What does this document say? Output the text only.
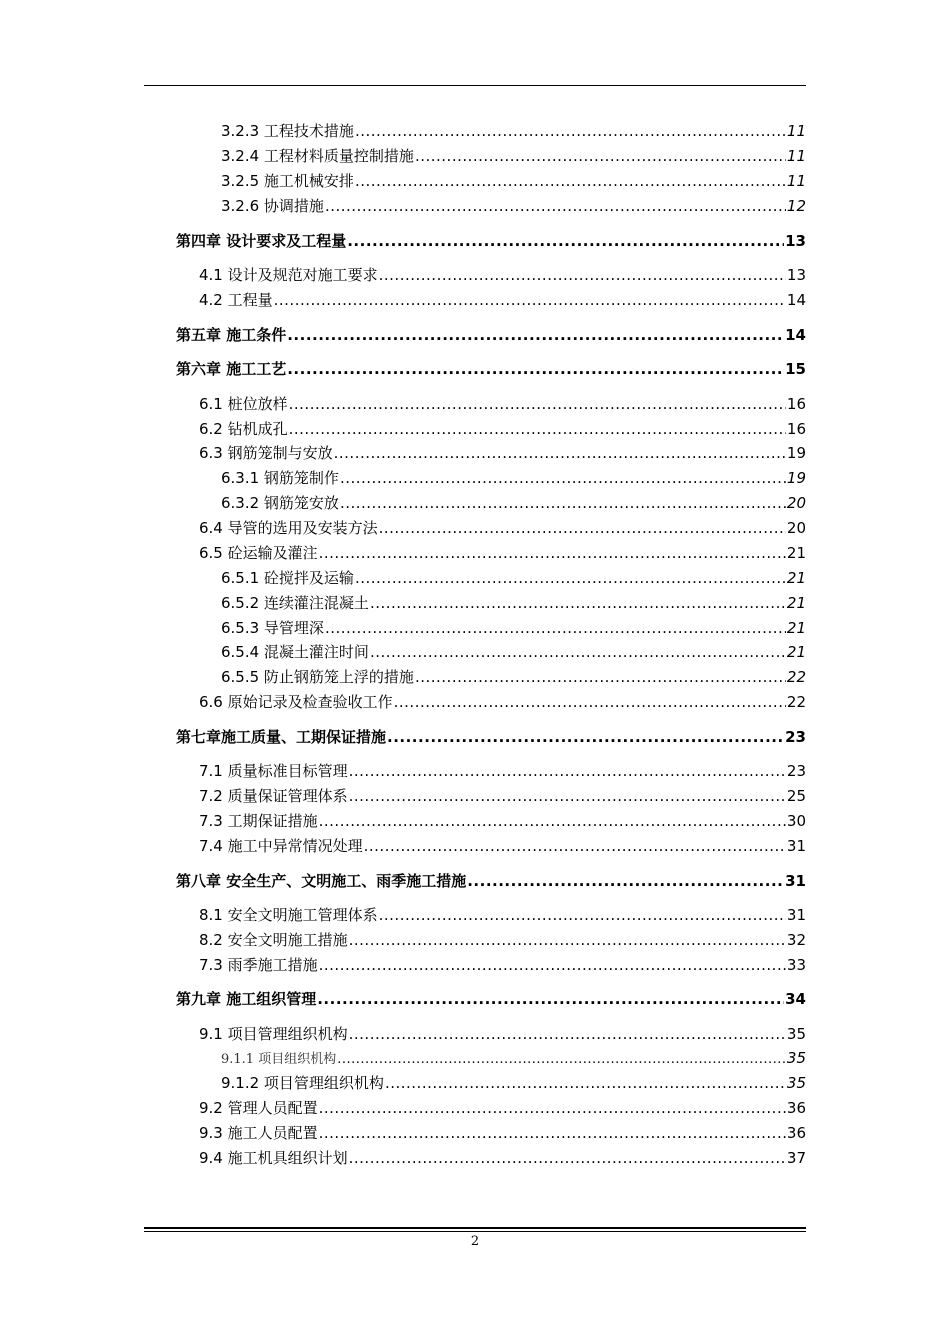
3.2.3 工程技术措施 .....	11
3.2.4 工程材料质量控制措施 .....	11
3.2.5 施工机械安排 .....	11
3.2.6 协调措施 .....	12
第四章 设计要求及工程量 .....	13
4.1 设计及规范对施工要求 .....	13
4.2 工程量 .....	14
第五章 施工条件 .....	14
第六章 施工工艺 .....	15
6.1 桩位放样 .....	16
6.2 钻机成孔 .....	16
6.3 钢筋笼制与安放 .....	19
6.3.1 钢筋笼制作 .....	19
6.3.2 钢筋笼安放 .....	20
6.4 导管的选用及安装方法 .....	20
6.5 砼运输及灌注 .....	21
6.5.1 砼搅拌及运输 .....	21
6.5.2 连续灌注混凝土 .....	21
6.5.3 导管埋深 .....	21
6.5.4 混凝土灌注时间 .....	21
6.5.5 防止钢筋笼上浮的措施 .....	22
6.6 原始记录及检查验收工作 .....	22
第七章施工质量、工期保证措施 .....	23
7.1 质量标准目标管理 .....	23
7.2 质量保证管理体系 .....	25
7.3 工期保证措施 .....	30
7.4 施工中异常情况处理 .....	31
第八章 安全生产、文明施工、雨季施工措施 .....	31
8.1 安全文明施工管理体系 .....	31
8.2 安全文明施工措施 .....	32
7.3 雨季施工措施 .....	33
第九章 施工组织管理 .....	34
9.1 项目管理组织机构 .....	35
9.1.1 项目组织机构 .....	35
9.1.2 项目管理组织机构 .....	35
9.2 管理人员配置 .....	36
9.3 施工人员配置 .....	36
9.4 施工机具组织计划 .....	37
2
